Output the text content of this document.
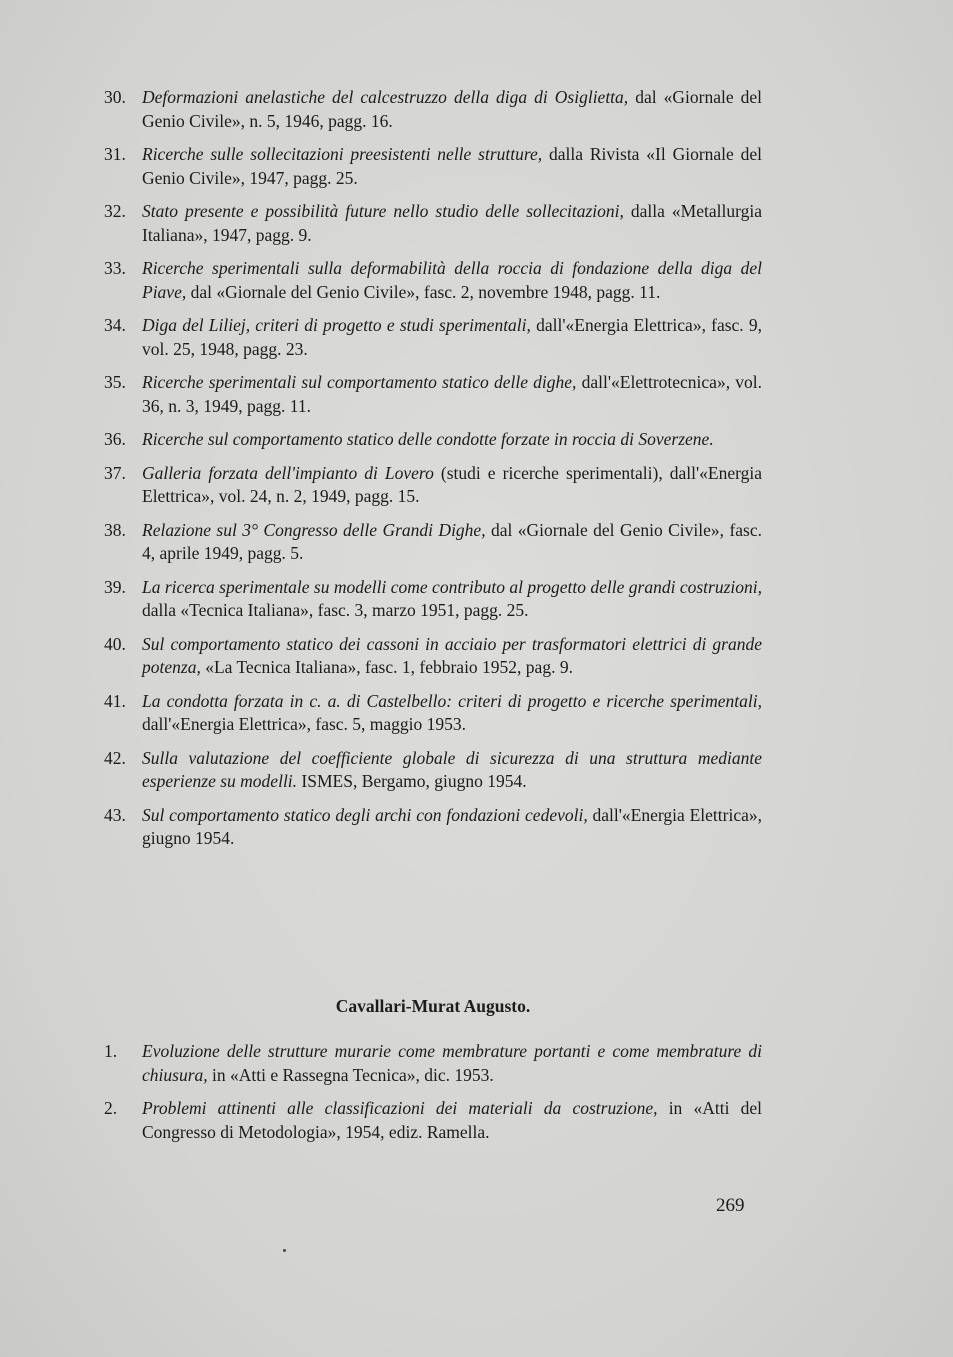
30. Deformazioni anelastiche del calcestruzzo della diga di Osiglietta, dal «Giornale del Genio Civile», n. 5, 1946, pagg. 16.
31. Ricerche sulle sollecitazioni preesistenti nelle strutture, dalla Rivista «Il Giornale del Genio Civile», 1947, pagg. 25.
32. Stato presente e possibilità future nello studio delle sollecitazioni, dalla «Metallurgia Italiana», 1947, pagg. 9.
33. Ricerche sperimentali sulla deformabilità della roccia di fondazione della diga del Piave, dal «Giornale del Genio Civile», fasc. 2, novembre 1948, pagg. 11.
34. Diga del Liliej, criteri di progetto e studi sperimentali, dall'«Energia Elettrica», fasc. 9, vol. 25, 1948, pagg. 23.
35. Ricerche sperimentali sul comportamento statico delle dighe, dall'«Elettrotecnica», vol. 36, n. 3, 1949, pagg. 11.
36. Ricerche sul comportamento statico delle condotte forzate in roccia di Soverzene.
37. Galleria forzata dell'impianto di Lovero (studi e ricerche sperimentali), dall'«Energia Elettrica», vol. 24, n. 2, 1949, pagg. 15.
38. Relazione sul 3° Congresso delle Grandi Dighe, dal «Giornale del Genio Civile», fasc. 4, aprile 1949, pagg. 5.
39. La ricerca sperimentale su modelli come contributo al progetto delle grandi costruzioni, dalla «Tecnica Italiana», fasc. 3, marzo 1951, pagg. 25.
40. Sul comportamento statico dei cassoni in acciaio per trasformatori elettrici di grande potenza, «La Tecnica Italiana», fasc. 1, febbraio 1952, pag. 9.
41. La condotta forzata in c. a. di Castelbello: criteri di progetto e ricerche sperimentali, dall'«Energia Elettrica», fasc. 5, maggio 1953.
42. Sulla valutazione del coefficiente globale di sicurezza di una struttura mediante esperienze su modelli. ISMES, Bergamo, giugno 1954.
43. Sul comportamento statico degli archi con fondazioni cedevoli, dall'«Energia Elettrica», giugno 1954.
Cavallari-Murat Augusto.
1.	Evoluzione delle strutture murarie come membrature portanti e come membrature di chiusura, in «Atti e Rassegna Tecnica», dic. 1953.
2.	Problemi attinenti alle classificazioni dei materiali da costruzione, in «Atti del Congresso di Metodologia», 1954, ediz. Ramella.
269
